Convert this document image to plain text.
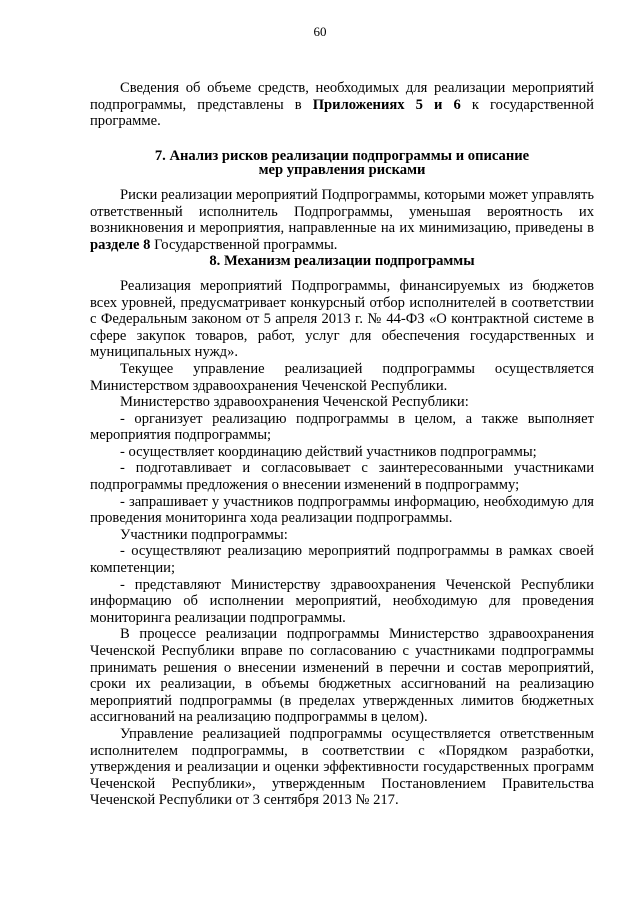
60

Сведения об объеме средств, необходимых для реализации мероприятий подпрограммы, представлены в Приложениях 5 и 6 к государственной программе.

7. Анализ рисков реализации подпрограммы и описание
мер управления рисками

Риски реализации мероприятий Подпрограммы, которыми может управлять ответственный исполнитель Подпрограммы, уменьшая вероятность их возникновения и мероприятия, направленные на их минимизацию, приведены в разделе 8 Государственной программы.

8. Механизм реализации подпрограммы

Реализация мероприятий Подпрограммы, финансируемых из бюджетов всех уровней, предусматривает конкурсный отбор исполнителей в соответствии с Федеральным законом от 5 апреля 2013 г. № 44-ФЗ «О контрактной системе в сфере закупок товаров, работ, услуг для обеспечения государственных и муниципальных нужд».

Текущее управление реализацией подпрограммы осуществляется Министерством здравоохранения Чеченской Республики.

Министерство здравоохранения Чеченской Республики:

- организует реализацию подпрограммы в целом, а также выполняет мероприятия подпрограммы;

- осуществляет координацию действий участников подпрограммы;

- подготавливает и согласовывает с заинтересованными участниками подпрограммы предложения о внесении изменений в подпрограмму;

- запрашивает у участников подпрограммы информацию, необходимую для проведения мониторинга хода реализации подпрограммы.

Участники подпрограммы:

- осуществляют реализацию мероприятий подпрограммы в рамках своей компетенции;

- представляют Министерству здравоохранения Чеченской Республики информацию об исполнении мероприятий, необходимую для проведения мониторинга реализации подпрограммы.

В процессе реализации подпрограммы Министерство здравоохранения Чеченской Республики вправе по согласованию с участниками подпрограммы принимать решения о внесении изменений в перечни и состав мероприятий, сроки их реализации, в объемы бюджетных ассигнований на реализацию мероприятий подпрограммы (в пределах утвержденных лимитов бюджетных ассигнований на реализацию подпрограммы в целом).

Управление реализацией подпрограммы осуществляется ответственным исполнителем подпрограммы, в соответствии с «Порядком разработки, утверждения и реализации и оценки эффективности государственных программ Чеченской Республики», утвержденным Постановлением Правительства Чеченской Республики от 3 сентября 2013 № 217.
